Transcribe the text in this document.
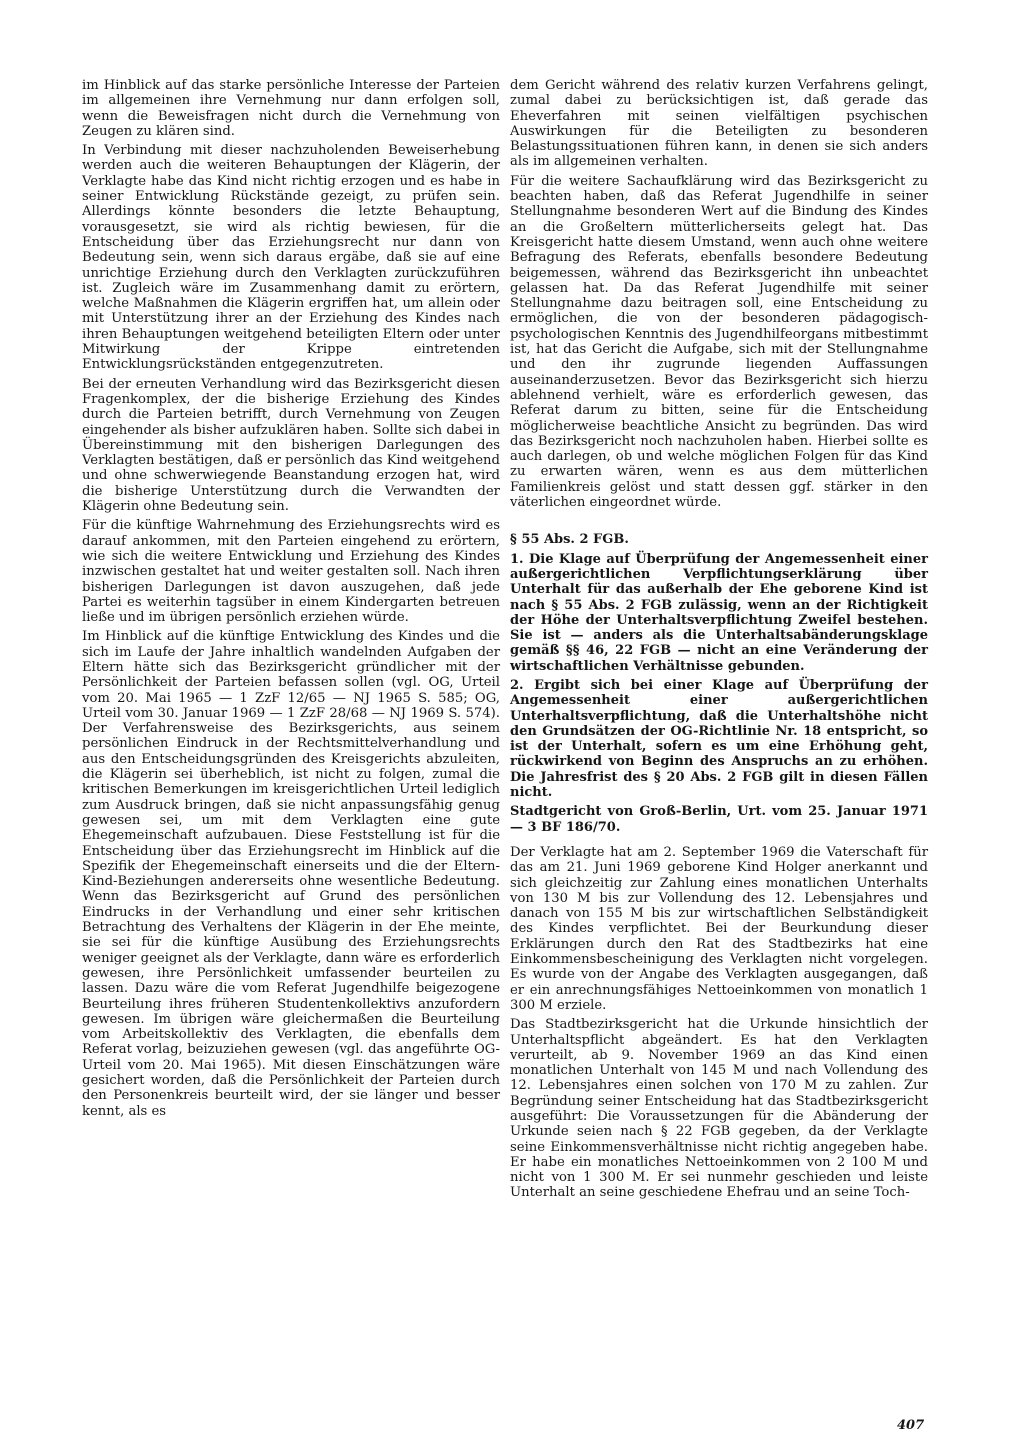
im Hinblick auf das starke persönliche Interesse der Parteien im allgemeinen ihre Vernehmung nur dann erfolgen soll, wenn die Beweisfragen nicht durch die Vernehmung von Zeugen zu klären sind.

In Verbindung mit dieser nachzuholenden Beweiserhebung werden auch die weiteren Behauptungen der Klägerin, der Verklagte habe das Kind nicht richtig erzogen und es habe in seiner Entwicklung Rückstände gezeigt, zu prüfen sein. Allerdings könnte besonders die letzte Behauptung, vorausgesetzt, sie wird als richtig bewiesen, für die Entscheidung über das Erziehungsrecht nur dann von Bedeutung sein, wenn sich daraus ergäbe, daß sie auf eine unrichtige Erziehung durch den Verklagten zurückzuführen ist. Zugleich wäre im Zusammenhang damit zu erörtern, welche Maßnahmen die Klägerin ergriffen hat, um allein oder mit Unterstützung ihrer an der Erziehung des Kindes nach ihren Behauptungen weitgehend beteiligten Eltern oder unter Mitwirkung der Krippe eintretenden Entwicklungsrückständen entgegenzutreten.

Bei der erneuten Verhandlung wird das Bezirksgericht diesen Fragenkomplex, der die bisherige Erziehung des Kindes durch die Parteien betrifft, durch Vernehmung von Zeugen eingehender als bisher aufzuklären haben. Sollte sich dabei in Übereinstimmung mit den bisherigen Darlegungen des Verklagten bestätigen, daß er persönlich das Kind weitgehend und ohne schwerwiegende Beanstandung erzogen hat, wird die bisherige Unterstützung durch die Verwandten der Klägerin ohne Bedeutung sein.

Für die künftige Wahrnehmung des Erziehungsrechts wird es darauf ankommen, mit den Parteien eingehend zu erörtern, wie sich die weitere Entwicklung und Erziehung des Kindes inzwischen gestaltet hat und weiter gestalten soll. Nach ihren bisherigen Darlegungen ist davon auszugehen, daß jede Partei es weiterhin tagsüber in einem Kindergarten betreuen ließe und im übrigen persönlich erziehen würde.

Im Hinblick auf die künftige Entwicklung des Kindes und die sich im Laufe der Jahre inhaltlich wandelnden Aufgaben der Eltern hätte sich das Bezirksgericht gründlicher mit der Persönlichkeit der Parteien befassen sollen (vgl. OG, Urteil vom 20. Mai 1965 — 1 ZzF 12/65 — NJ 1965 S. 585; OG, Urteil vom 30. Januar 1969 — 1 ZzF 28/68 — NJ 1969 S. 574). Der Verfahrensweise des Bezirksgerichts, aus seinem persönlichen Eindruck in der Rechtsmittelverhandlung und aus den Entscheidungsgründen des Kreisgerichts abzuleiten, die Klägerin sei überheblich, ist nicht zu folgen, zumal die kritischen Bemerkungen im kreisgerichtlichen Urteil lediglich zum Ausdruck bringen, daß sie nicht anpassungsfähig genug gewesen sei, um mit dem Verklagten eine gute Ehegemeinschaft aufzubauen. Diese Feststellung ist für die Entscheidung über das Erziehungsrecht im Hinblick auf die Spezifik der Ehegemeinschaft einerseits und die der Eltern-Kind-Beziehungen andererseits ohne wesentliche Bedeutung. Wenn das Bezirksgericht auf Grund des persönlichen Eindrucks in der Verhandlung und einer sehr kritischen Betrachtung des Verhaltens der Klägerin in der Ehe meinte, sie sei für die künftige Ausübung des Erziehungsrechts weniger geeignet als der Verklagte, dann wäre es erforderlich gewesen, ihre Persönlichkeit umfassender beurteilen zu lassen. Dazu wäre die vom Referat Jugendhilfe beigezogene Beurteilung ihres früheren Studentenkollektivs anzufordern gewesen. Im übrigen wäre gleichermaßen die Beurteilung vom Arbeitskollektiv des Verklagten, die ebenfalls dem Referat vorlag, beizuziehen gewesen (vgl. das angeführte OG-Urteil vom 20. Mai 1965). Mit diesen Einschätzungen wäre gesichert worden, daß die Persönlichkeit der Parteien durch den Personenkreis beurteilt wird, der sie länger und besser kennt, als es

dem Gericht während des relativ kurzen Verfahrens gelingt, zumal dabei zu berücksichtigen ist, daß gerade das Eheverfahren mit seinen vielfältigen psychischen Auswirkungen für die Beteiligten zu besonderen Belastungssituationen führen kann, in denen sie sich anders als im allgemeinen verhalten.

Für die weitere Sachaufklärung wird das Bezirksgericht zu beachten haben, daß das Referat Jugendhilfe in seiner Stellungnahme besonderen Wert auf die Bindung des Kindes an die Großeltern mütterlicherseits gelegt hat. Das Kreisgericht hatte diesem Umstand, wenn auch ohne weitere Befragung des Referats, ebenfalls besondere Bedeutung beigemessen, während das Bezirksgericht ihn unbeachtet gelassen hat. Da das Referat Jugendhilfe mit seiner Stellungnahme dazu beitragen soll, eine Entscheidung zu ermöglichen, die von der besonderen pädagogisch-psychologischen Kenntnis des Jugendhilfeorgans mitbestimmt ist, hat das Gericht die Aufgabe, sich mit der Stellungnahme und den ihr zugrunde liegenden Auffassungen auseinanderzusetzen. Bevor das Bezirksgericht sich hierzu ablehnend verhielt, wäre es erforderlich gewesen, das Referat darum zu bitten, seine für die Entscheidung möglicherweise beachtliche Ansicht zu begründen. Das wird das Bezirksgericht noch nachzuholen haben. Hierbei sollte es auch darlegen, ob und welche möglichen Folgen für das Kind zu erwarten wären, wenn es aus dem mütterlichen Familienkreis gelöst und statt dessen ggf. stärker in den väterlichen eingeordnet würde.

§ 55 Abs. 2 FGB.

1. Die Klage auf Überprüfung der Angemessenheit einer außergerichtlichen Verpflichtungserklärung über Unterhalt für das außerhalb der Ehe geborene Kind ist nach § 55 Abs. 2 FGB zulässig, wenn an der Richtigkeit der Höhe der Unterhaltsverpflichtung Zweifel bestehen. Sie ist — anders als die Unterhaltsabänderungsklage gemäß §§ 46, 22 FGB — nicht an eine Veränderung der wirtschaftlichen Verhältnisse gebunden.

2. Ergibt sich bei einer Klage auf Überprüfung der Angemessenheit einer außergerichtlichen Unterhaltsverpflichtung, daß die Unterhaltshöhe nicht den Grundsätzen der OG-Richtlinie Nr. 18 entspricht, so ist der Unterhalt, sofern es um eine Erhöhung geht, rückwirkend von Beginn des Anspruchs an zu erhöhen. Die Jahresfrist des § 20 Abs. 2 FGB gilt in diesen Fällen nicht.

Stadtgericht von Groß-Berlin, Urt. vom 25. Januar 1971 — 3 BF 186/70.

Der Verklagte hat am 2. September 1969 die Vaterschaft für das am 21. Juni 1969 geborene Kind Holger anerkannt und sich gleichzeitig zur Zahlung eines monatlichen Unterhalts von 130 M bis zur Vollendung des 12. Lebensjahres und danach von 155 M bis zur wirtschaftlichen Selbständigkeit des Kindes verpflichtet. Bei der Beurkundung dieser Erklärungen durch den Rat des Stadtbezirks hat eine Einkommensbescheinigung des Verklagten nicht vorgelegen. Es wurde von der Angabe des Verklagten ausgegangen, daß er ein anrechnungsfähiges Nettoeinkommen von monatlich 1 300 M erziele.

Das Stadtbezirksgericht hat die Urkunde hinsichtlich der Unterhaltspflicht abgeändert. Es hat den Verklagten verurteilt, ab 9. November 1969 an das Kind einen monatlichen Unterhalt von 145 M und nach Vollendung des 12. Lebensjahres einen solchen von 170 M zu zahlen. Zur Begründung seiner Entscheidung hat das Stadtbezirksgericht ausgeführt: Die Voraussetzungen für die Abänderung der Urkunde seien nach § 22 FGB gegeben, da der Verklagte seine Einkommensverhältnisse nicht richtig angegeben habe. Er habe ein monatliches Nettoeinkommen von 2 100 M und nicht von 1 300 M. Er sei nunmehr geschieden und leiste Unterhalt an seine geschiedene Ehefrau und an seine Toch-

407
